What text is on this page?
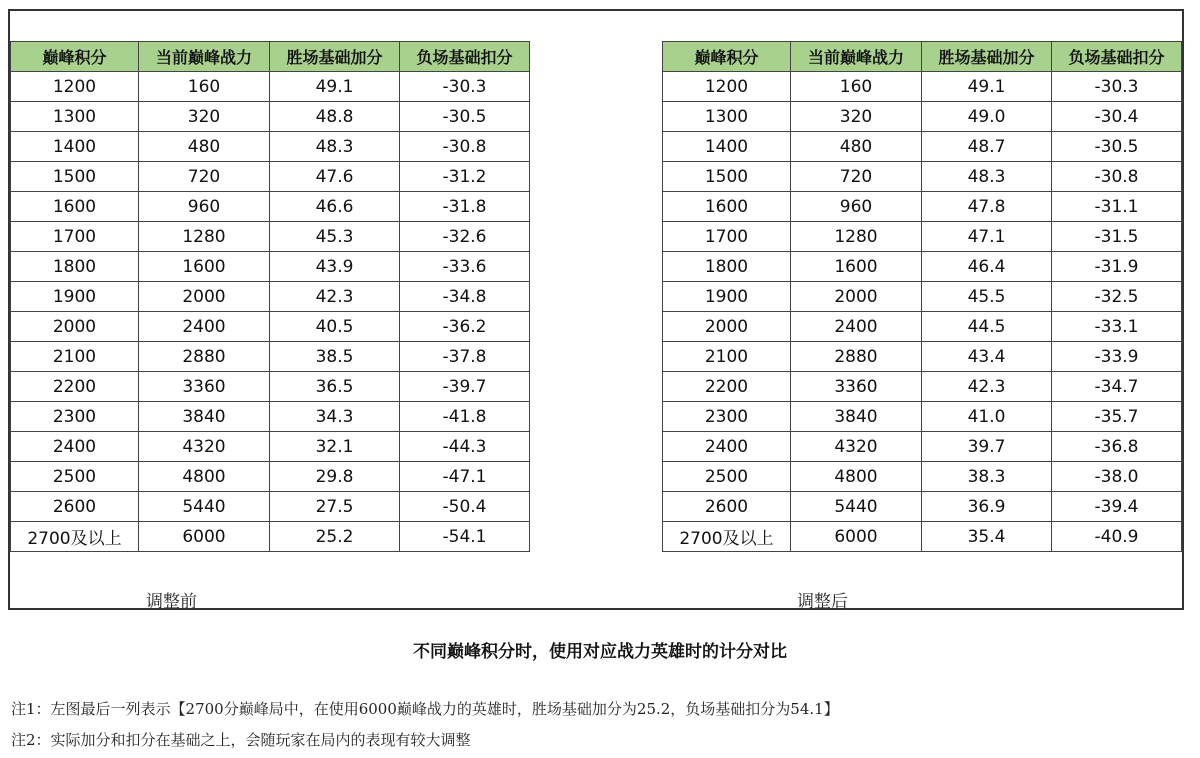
巅峰积分	当前巅峰战力	胜场基础加分	负场基础扣分
1200	160	49.1	-30.3
1300	320	48.8	-30.5
1400	480	48.3	-30.8
1500	720	47.6	-31.2
1600	960	46.6	-31.8
1700	1280	45.3	-32.6
1800	1600	43.9	-33.6
1900	2000	42.3	-34.8
2000	2400	40.5	-36.2
2100	2880	38.5	-37.8
2200	3360	36.5	-39.7
2300	3840	34.3	-41.8
2400	4320	32.1	-44.3
2500	4800	29.8	-47.1
2600	5440	27.5	-50.4
2700及以上	6000	25.2	-54.1
巅峰积分	当前巅峰战力	胜场基础加分	负场基础扣分
1200	160	49.1	-30.3
1300	320	49.0	-30.4
1400	480	48.7	-30.5
1500	720	48.3	-30.8
1600	960	47.8	-31.1
1700	1280	47.1	-31.5
1800	1600	46.4	-31.9
1900	2000	45.5	-32.5
2000	2400	44.5	-33.1
2100	2880	43.4	-33.9
2200	3360	42.3	-34.7
2300	3840	41.0	-35.7
2400	4320	39.7	-36.8
2500	4800	38.3	-38.0
2600	5440	36.9	-39.4
2700及以上	6000	35.4	-40.9
调整前	调整后
不同巅峰积分时，使用对应战力英雄时的计分对比
注1：左图最后一列表示【2700分巅峰局中，在使用6000巅峰战力的英雄时，胜场基础加分为25.2，负场基础扣分为54.1】
注2：实际加分和扣分在基础之上，会随玩家在局内的表现有较大调整
